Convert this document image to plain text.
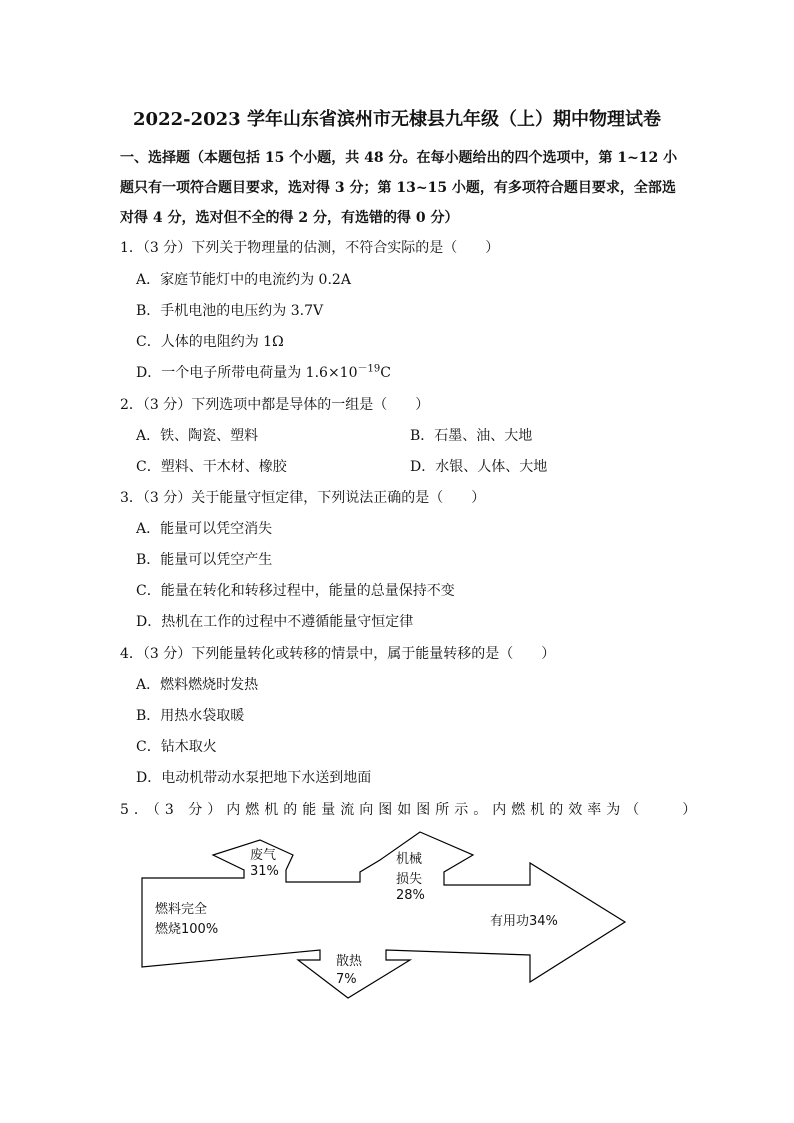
2022-2023 学年山东省滨州市无棣县九年级（上）期中物理试卷
一、选择题（本题包括 15 个小题，共 48 分。在每小题给出的四个选项中，第 1~12 小题只有一项符合题目要求，选对得 3 分；第 13~15 小题，有多项符合题目要求，全部选对得 4 分，选对但不全的得 2 分，有选错的得 0 分）
1．（3 分）下列关于物理量的估测，不符合实际的是（　　）
A．家庭节能灯中的电流约为 0.2A
B．手机电池的电压约为 3.7V
C．人体的电阻约为 1Ω
D．一个电子所带电荷量为 $1.6\times 10^{-19}C$
2．（3 分）下列选项中都是导体的一组是（　　）
A．铁、陶瓷、塑料	B．石墨、油、大地
C．塑料、干木材、橡胶	D．水银、人体、大地
3．（3 分）关于能量守恒定律，下列说法正确的是（　　）
A．能量可以凭空消失
B．能量可以凭空产生
C．能量在转化和转移过程中，能量的总量保持不变
D．热机在工作的过程中不遵循能量守恒定律
4．（3 分）下列能量转化或转移的情景中，属于能量转移的是（　　）
A．燃料燃烧时发热
B．用热水袋取暖
C．钻木取火
D．电动机带动水泵把地下水送到地面
5．（3 分）内燃机的能量流向图如图所示。内燃机的效率为（　　）
燃料完全
燃烧100%
废气
31%
机械
损失
28%
散热
7%
有用功34%
